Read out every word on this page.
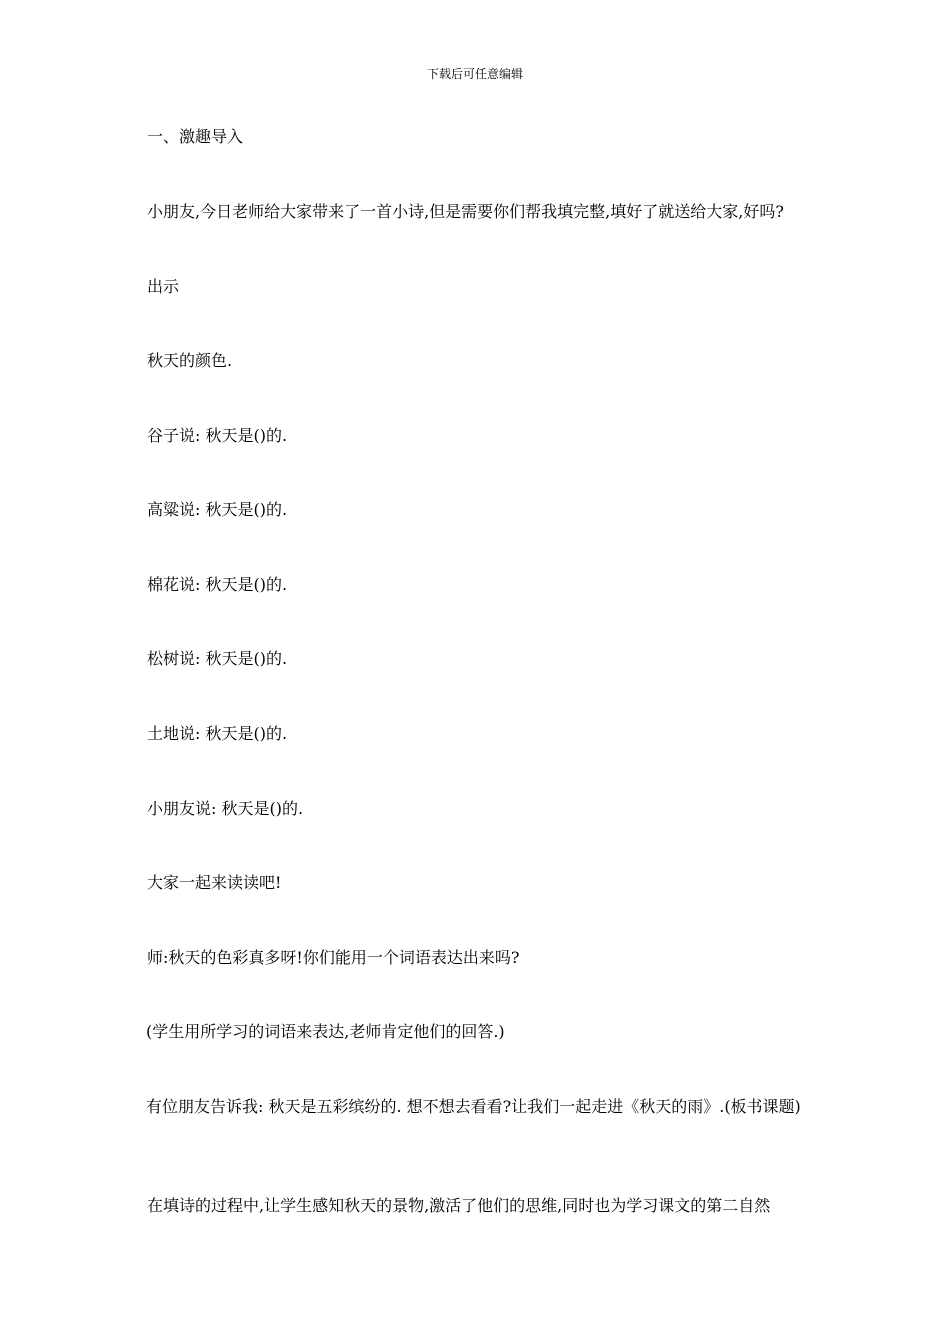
下载后可任意编辑
一、激趣导入
小朋友,今日老师给大家带来了一首小诗,但是需要你们帮我填完整,填好了就送给大家,好吗?
出示
秋天的颜色.
谷子说: 秋天是()的.
高粱说: 秋天是()的.
棉花说: 秋天是()的.
松树说: 秋天是()的.
土地说: 秋天是()的.
小朋友说: 秋天是()的.
大家一起来读读吧!
师:秋天的色彩真多呀!你们能用一个词语表达出来吗?
(学生用所学习的词语来表达,老师肯定他们的回答.)
有位朋友告诉我: 秋天是五彩缤纷的. 想不想去看看?让我们一起走进《秋天的雨》.(板书课题)
在填诗的过程中,让学生感知秋天的景物,激活了他们的思维,同时也为学习课文的第二自然
